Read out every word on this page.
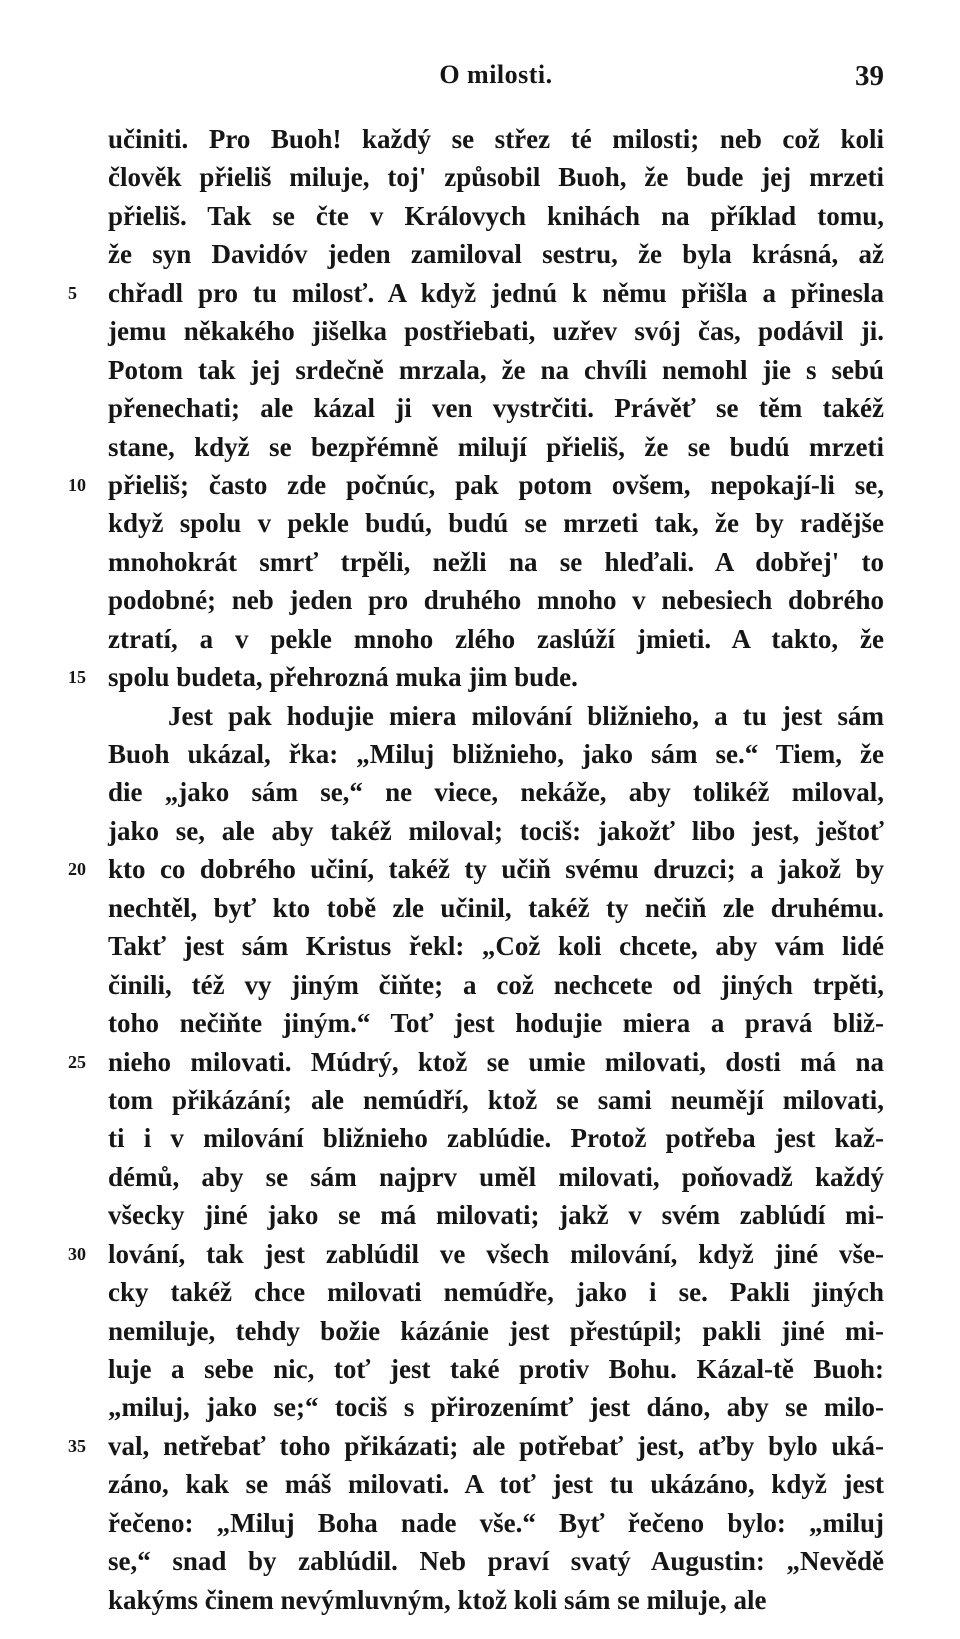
O milosti.	39
učiniti. Pro Buoh! každý se střez té milosti; neb což koli
člověk přieliš miluje, toj' způsobil Buoh, že bude jej mrzeti
přieliš. Tak se čte v Královych knihách na příklad tomu,
že syn Davidóv jeden zamiloval sestru, že byla krásná, až
5	chřadl pro tu milosť. A když jednú k němu přišla a přinesla
jemu někakého jišelka postřiebati, uzřev svój čas, podávil ji.
Potom tak jej srdečně mrzala, že na chvíli nemohl jie s sebú
přenechati; ale kázal ji ven vystrčiti. Právěť se těm takéž
stane, když se bezpřémně milují přieliš, že se budú mrzeti
10 přieliš; často zde počnúc, pak potom ovšem, nepokají-li se,
když spolu v pekle budú, budú se mrzeti tak, že by radějše
mnohokrát smrť trpěli, nežli na se hleďali. A dobřej' to
podobné; neb jeden pro druhého mnoho v nebesiech dobrého
ztratí, a v pekle mnoho zlého zaslúží jmieti. A takto, že
15 spolu budeta, přehrozná muka jim bude.
Jest pak hodujie miera milování bližnieho, a tu jest sám
Buoh ukázal, řka: „Miluj bližnieho, jako sám se.“ Tiem, že
die „jako sám se,“ ne viece, nekáže, aby tolikéž miloval,
jako se, ale aby takéž miloval; tociš: jakožť libo jest, ještoť
20 kto co dobrého učiní, takéž ty učiň svému druzci; a jakož by
nechtěl, byť kto tobě zle učinil, takéž ty nečiň zle druhému.
Takť jest sám Kristus řekl: „Což koli chcete, aby vám lidé
činili, též vy jiným čiňte; a což nechcete od jiných trpěti,
toho nečiňte jiným.“ Toť jest hodujie miera a pravá bliž-
25 nieho milovati. Múdrý, ktož se umie milovati, dosti má na
tom přikázání; ale nemúdří, ktož se sami neumějí milovati,
ti i v milování bližnieho zablúdie. Protož potřeba jest kaž-
démů, aby se sám najprv uměl milovati, poňovadž každý
všecky jiné jako se má milovati; jakž v svém zablúdí mi-
30 lování, tak jest zablúdil ve všech milování, když jiné vše-
cky takéž chce milovati nemúdře, jako i se. Pakli jiných
nemiluje, tehdy božie kázánie jest přestúpil; pakli jiné mi-
luje a sebe nic, toť jest také protiv Bohu. Kázal-tě Buoh:
„miluj, jako se;“ tociš s přirozenímť jest dáno, aby se milo-
35 val, netřebať toho přikázati; ale potřebať jest, aťby bylo uká-
záno, kak se máš milovati. A toť jest tu ukázáno, když jest
řečeno: „Miluj Boha nade vše.“ Byť řečeno bylo: „miluj
se,“ snad by zablúdil. Neb praví svatý Augustin: „Nevědě
kakýms činem nevýmluvným, ktož koli sám se miluje, ale
